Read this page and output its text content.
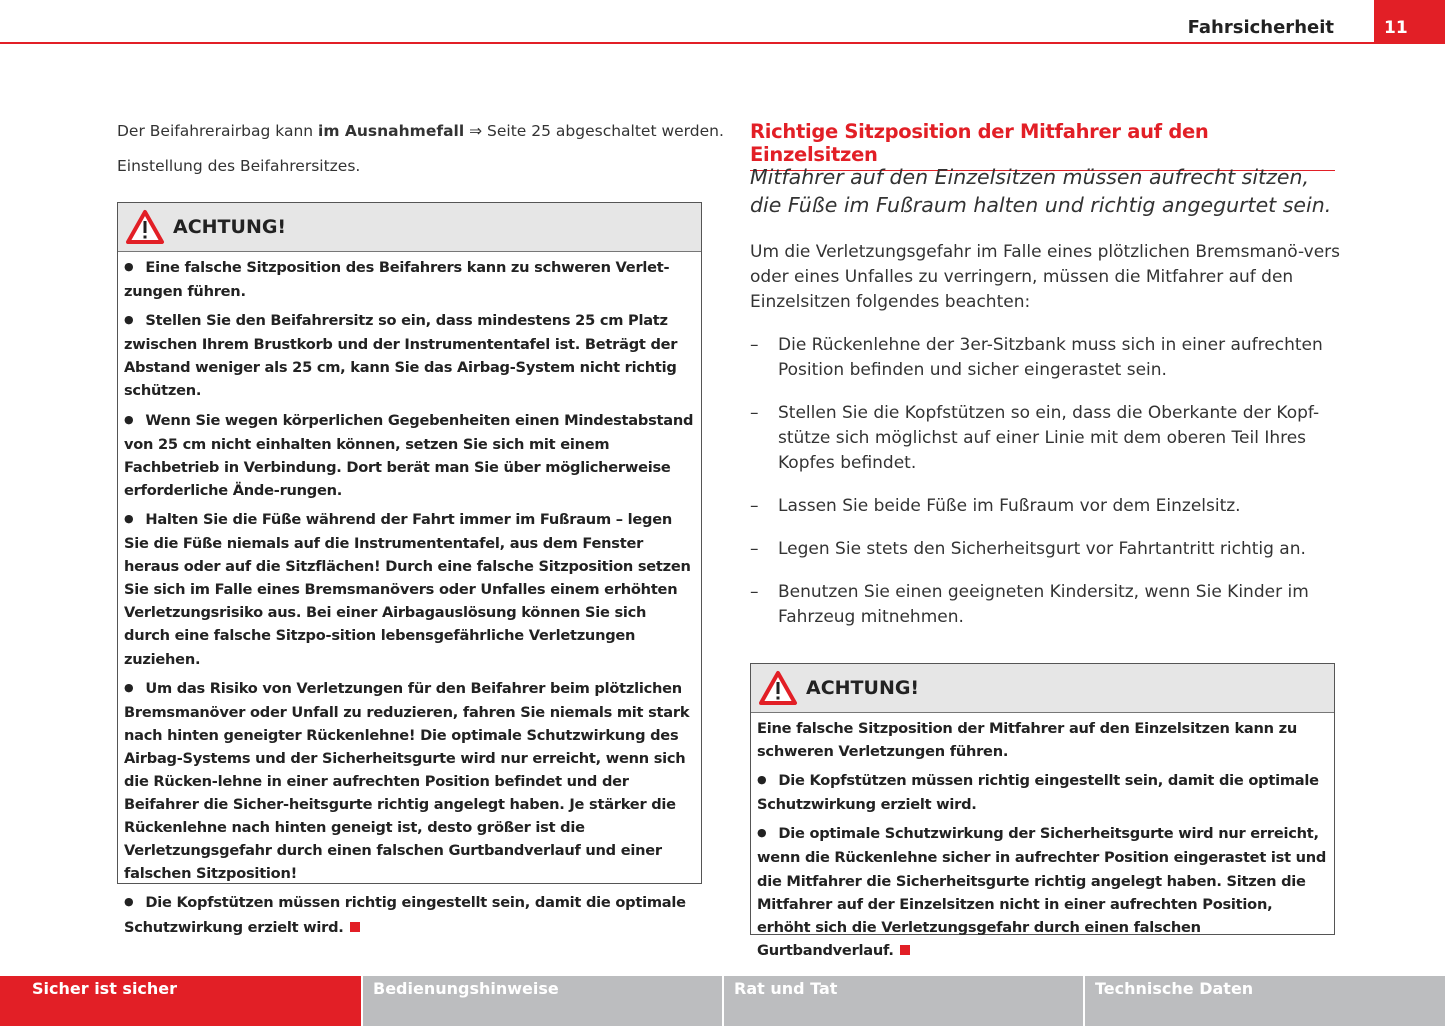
Fahrsicherheit	11
Der Beifahrerairbag kann im Ausnahmefall ⇒ Seite 25 abgeschaltet werden.
Einstellung des Beifahrersitzes.
ACHTUNG!

● Eine falsche Sitzposition des Beifahrers kann zu schweren Verlet-zungen führen.

● Stellen Sie den Beifahrersitz so ein, dass mindestens 25 cm Platz zwischen Ihrem Brustkorb und der Instrumententafel ist. Beträgt der Abstand weniger als 25 cm, kann Sie das Airbag-System nicht richtig schützen.

● Wenn Sie wegen körperlichen Gegebenheiten einen Mindestabstand von 25 cm nicht einhalten können, setzen Sie sich mit einem Fachbetrieb in Verbindung. Dort berät man Sie über möglicherweise erforderliche Ände-rungen.

● Halten Sie die Füße während der Fahrt immer im Fußraum – legen Sie die Füße niemals auf die Instrumententafel, aus dem Fenster heraus oder auf die Sitzflächen! Durch eine falsche Sitzposition setzen Sie sich im Falle eines Bremsmanövers oder Unfalles einem erhöhten Verletzungsrisiko aus. Bei einer Airbagauslösung können Sie sich durch eine falsche Sitzpo-sition lebensgefährliche Verletzungen zuziehen.

● Um das Risiko von Verletzungen für den Beifahrer beim plötzlichen Bremsmanöver oder Unfall zu reduzieren, fahren Sie niemals mit stark nach hinten geneigter Rückenlehne! Die optimale Schutzwirkung des Airbag-Systems und der Sicherheitsgurte wird nur erreicht, wenn sich die Rücken-lehne in einer aufrechten Position befindet und der Beifahrer die Sicher-heitsgurte richtig angelegt haben. Je stärker die Rückenlehne nach hinten geneigt ist, desto größer ist die Verletzungsgefahr durch einen falschen Gurtbandverlauf und einer falschen Sitzposition!

● Die Kopfstützen müssen richtig eingestellt sein, damit die optimale Schutzwirkung erzielt wird.

Richtige Sitzposition der Mitfahrer auf den Einzelsitzen
Mitfahrer auf den Einzelsitzen müssen aufrecht sitzen, die Füße im Fußraum halten und richtig angegurtet sein.
Um die Verletzungsgefahr im Falle eines plötzlichen Bremsmanö-vers oder eines Unfalles zu verringern, müssen die Mitfahrer auf den Einzelsitzen folgendes beachten:
– Die Rückenlehne der 3er-Sitzbank muss sich in einer aufrechten Position befinden und sicher eingerastet sein.
– Stellen Sie die Kopfstützen so ein, dass die Oberkante der Kopf-stütze sich möglichst auf einer Linie mit dem oberen Teil Ihres Kopfes befindet.
– Lassen Sie beide Füße im Fußraum vor dem Einzelsitz.
– Legen Sie stets den Sicherheitsgurt vor Fahrtantritt richtig an.
– Benutzen Sie einen geeigneten Kindersitz, wenn Sie Kinder im Fahrzeug mitnehmen.
ACHTUNG!

Eine falsche Sitzposition der Mitfahrer auf den Einzelsitzen kann zu schweren Verletzungen führen.

● Die Kopfstützen müssen richtig eingestellt sein, damit die optimale Schutzwirkung erzielt wird.

● Die optimale Schutzwirkung der Sicherheitsgurte wird nur erreicht, wenn die Rückenlehne sicher in aufrechter Position eingerastet ist und die Mitfahrer die Sicherheitsgurte richtig angelegt haben. Sitzen die Mitfahrer auf der Einzelsitzen nicht in einer aufrechten Position, erhöht sich die Verletzungsgefahr durch einen falschen Gurtbandverlauf.

Sicher ist sicher	Bedienungshinweise	Rat und Tat	Technische Daten
